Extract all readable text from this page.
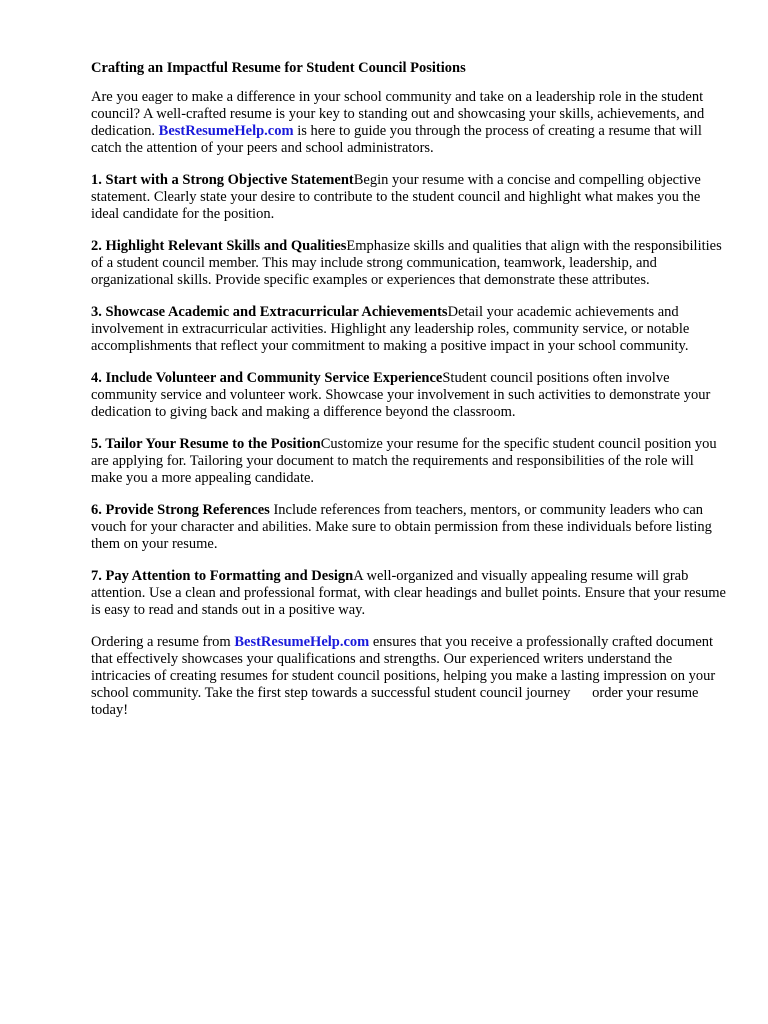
Crafting an Impactful Resume for Student Council Positions

Are you eager to make a difference in your school community and take on a leadership role in the student council? A well-crafted resume is your key to standing out and showcasing your skills, achievements, and dedication. BestResumeHelp.com is here to guide you through the process of creating a resume that will catch the attention of your peers and school administrators.

1. Start with a Strong Objective StatementBegin your resume with a concise and compelling objective statement. Clearly state your desire to contribute to the student council and highlight what makes you the ideal candidate for the position.

2. Highlight Relevant Skills and QualitiesEmphasize skills and qualities that align with the responsibilities of a student council member. This may include strong communication, teamwork, leadership, and organizational skills. Provide specific examples or experiences that demonstrate these attributes.

3. Showcase Academic and Extracurricular AchievementsDetail your academic achievements and involvement in extracurricular activities. Highlight any leadership roles, community service, or notable accomplishments that reflect your commitment to making a positive impact in your school community.

4. Include Volunteer and Community Service ExperienceStudent council positions often involve community service and volunteer work. Showcase your involvement in such activities to demonstrate your dedication to giving back and making a difference beyond the classroom.

5. Tailor Your Resume to the PositionCustomize your resume for the specific student council position you are applying for. Tailoring your document to match the requirements and responsibilities of the role will make you a more appealing candidate.

6. Provide Strong References Include references from teachers, mentors, or community leaders who can vouch for your character and abilities. Make sure to obtain permission from these individuals before listing them on your resume.

7. Pay Attention to Formatting and DesignA well-organized and visually appealing resume will grab attention. Use a clean and professional format, with clear headings and bullet points. Ensure that your resume is easy to read and stands out in a positive way.

Ordering a resume from BestResumeHelp.com ensures that you receive a professionally crafted document that effectively showcases your qualifications and strengths. Our experienced writers understand the intricacies of creating resumes for student council positions, helping you make a lasting impression on your school community. Take the first step towards a successful student council journey   order your resume today!
